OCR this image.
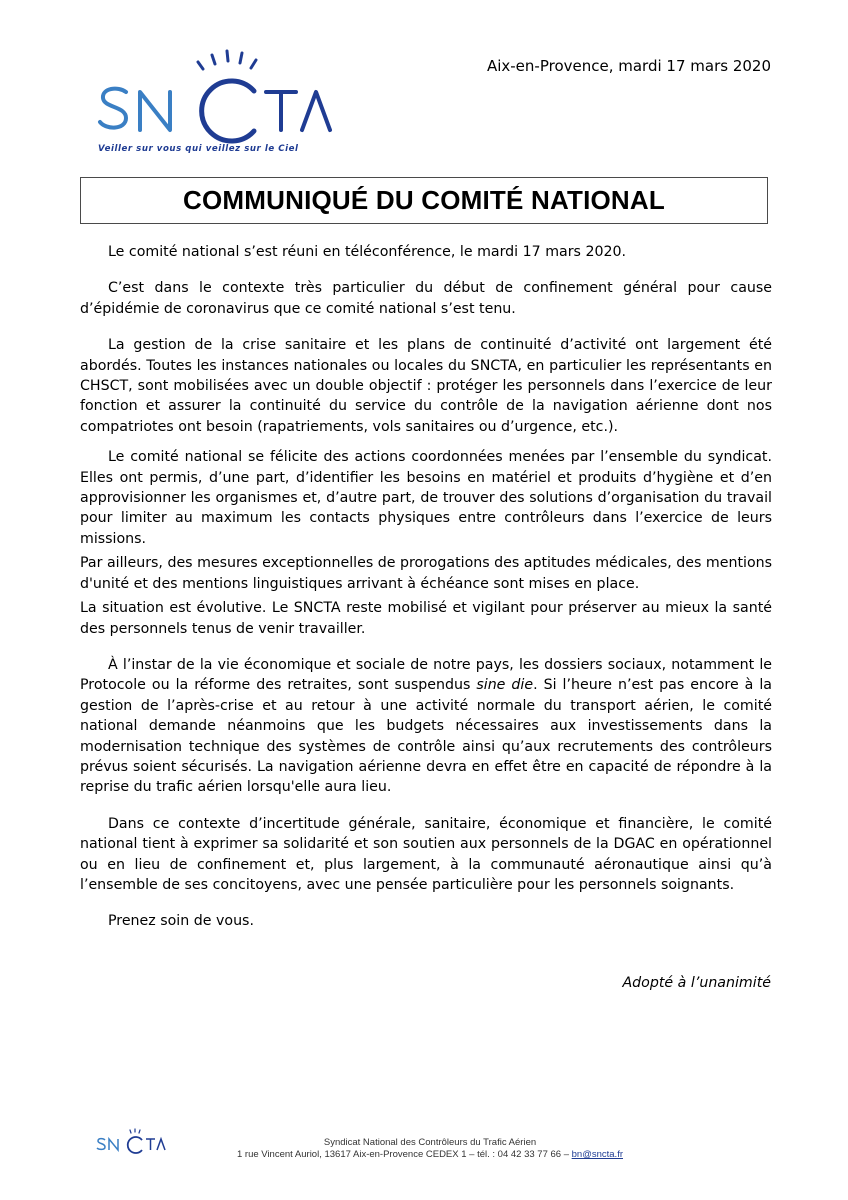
Veiller sur vous qui veillez sur le Ciel
Aix-en-Provence, mardi 17 mars 2020
COMMUNIQUÉ DU COMITÉ NATIONAL

Le comité national s’est réuni en téléconférence, le mardi 17 mars 2020.

C’est dans le contexte très particulier du début de confinement général pour cause d’épidémie de coronavirus que ce comité national s’est tenu.

La gestion de la crise sanitaire et les plans de continuité d’activité ont largement été abordés. Toutes les instances nationales ou locales du SNCTA, en particulier les représentants en CHSCT, sont mobilisées avec un double objectif : protéger les personnels dans l’exercice de leur fonction et assurer la continuité du service du contrôle de la navigation aérienne dont nos compatriotes ont besoin (rapatriements, vols sanitaires ou d’urgence, etc.).

Le comité national se félicite des actions coordonnées menées par l’ensemble du syndicat. Elles ont permis, d’une part, d’identifier les besoins en matériel et produits d’hygiène et d’en approvisionner les organismes et, d’autre part, de trouver des solutions d’organisation du travail pour limiter au maximum les contacts physiques entre contrôleurs dans l’exercice de leurs missions.

Par ailleurs, des mesures exceptionnelles de prorogations des aptitudes médicales, des mentions d'unité et des mentions linguistiques arrivant à échéance sont mises en place.

La situation est évolutive. Le SNCTA reste mobilisé et vigilant pour préserver au mieux la santé des personnels tenus de venir travailler.

À l’instar de la vie économique et sociale de notre pays, les dossiers sociaux, notamment le Protocole ou la réforme des retraites, sont suspendus sine die. Si l’heure n’est pas encore à la gestion de l’après-crise et au retour à une activité normale du transport aérien, le comité national demande néanmoins que les budgets nécessaires aux investissements dans la modernisation technique des systèmes de contrôle ainsi qu’aux recrutements des contrôleurs prévus soient sécurisés. La navigation aérienne devra en effet être en capacité de répondre à la reprise du trafic aérien lorsqu'elle aura lieu.

Dans ce contexte d’incertitude générale, sanitaire, économique et financière, le comité national tient à exprimer sa solidarité et son soutien aux personnels de la DGAC en opérationnel ou en lieu de confinement et, plus largement, à la communauté aéronautique ainsi qu’à l’ensemble de ses concitoyens, avec une pensée particulière pour les personnels soignants.

Prenez soin de vous.

Adopté à l’unanimité
Syndicat National des Contrôleurs du Trafic Aérien
1 rue Vincent Auriol, 13617 Aix-en-Provence CEDEX 1 – tél. : 04 42 33 77 66 – bn@sncta.fr
